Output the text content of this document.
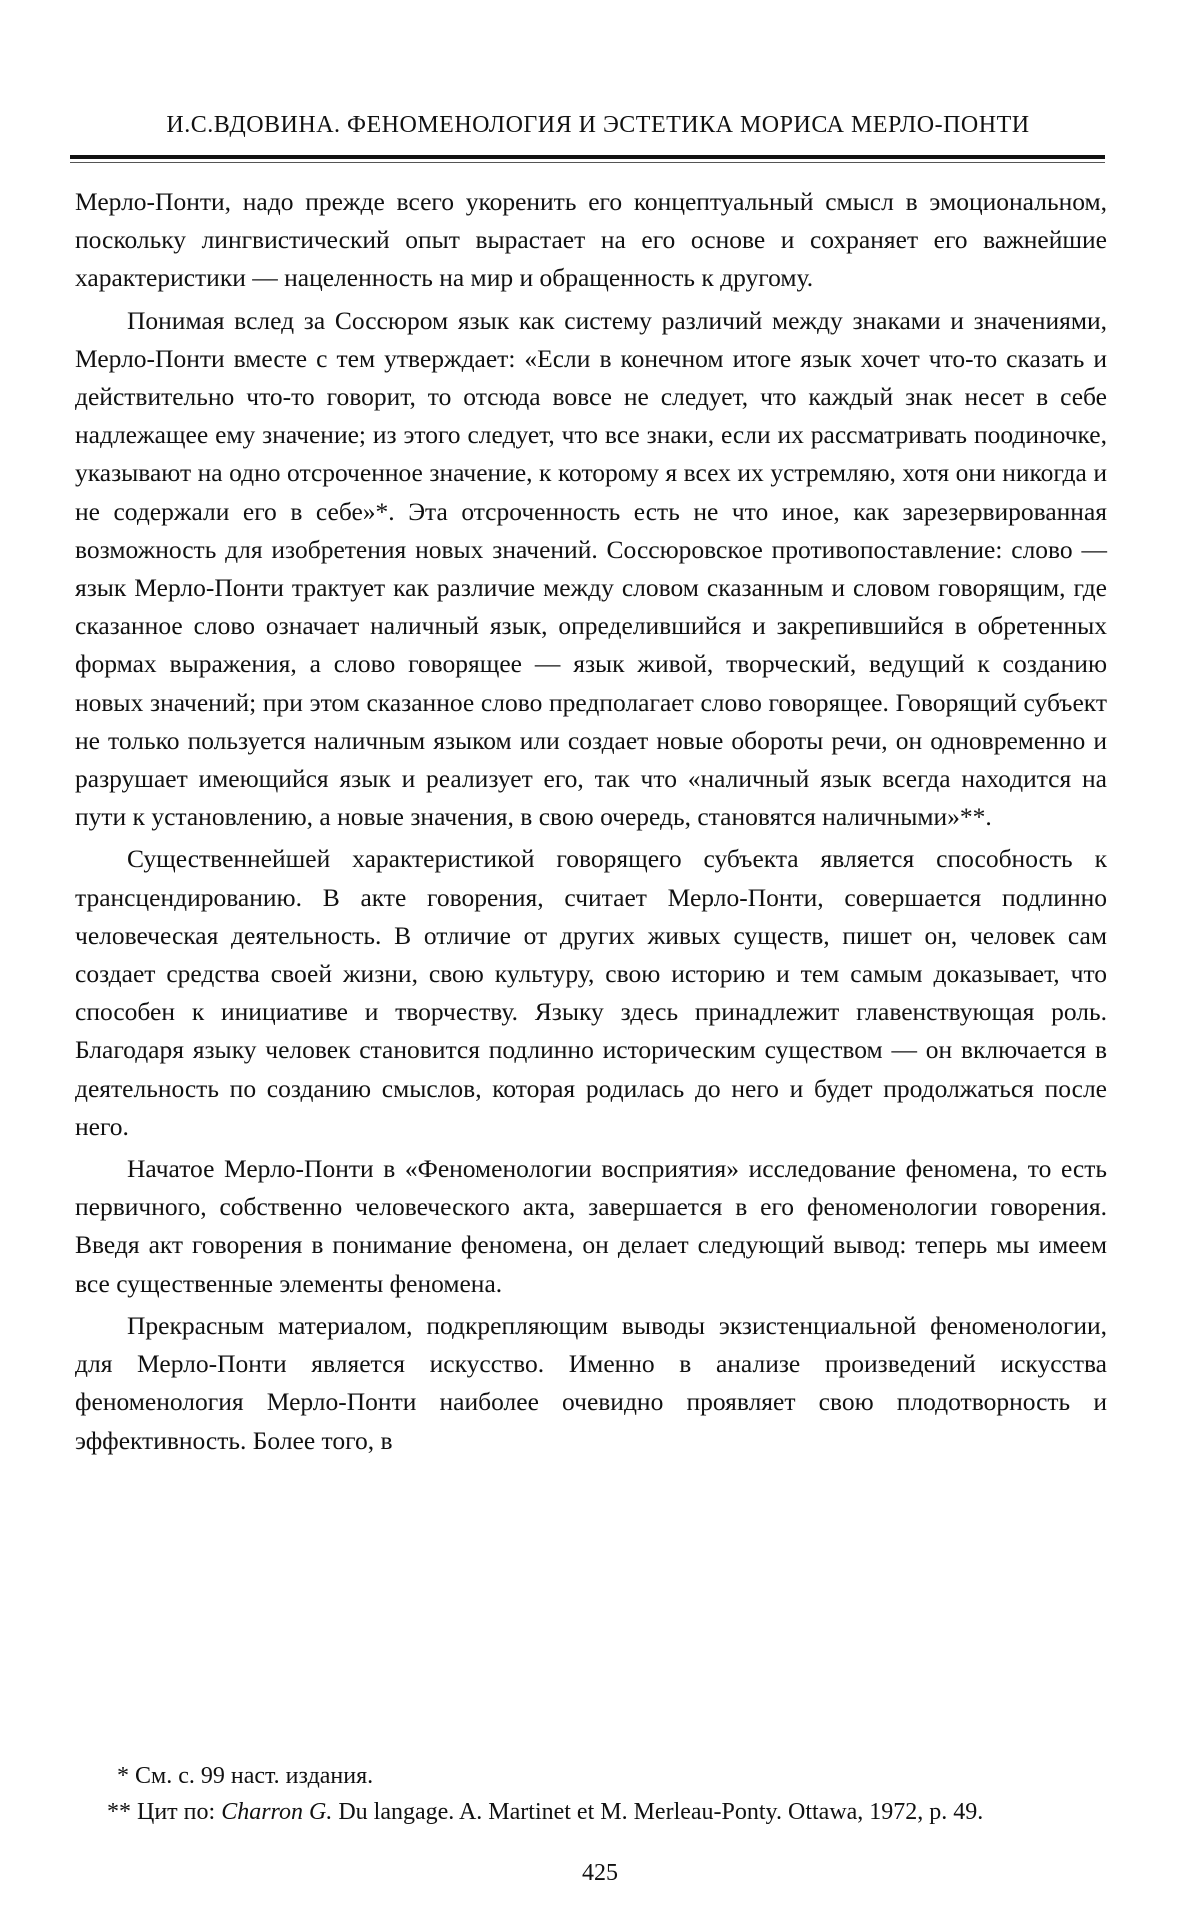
И.С.ВДОВИНА. ФЕНОМЕНОЛОГИЯ И ЭСТЕТИКА МОРИСА МЕРЛО-ПОНТИ

Мерло-Понти, надо прежде всего укоренить его концептуальный смысл в эмоциональном, поскольку лингвистический опыт вырастает на его основе и сохраняет его важнейшие характеристики — нацеленность на мир и обращенность к другому.

Понимая вслед за Соссюром язык как систему различий между знаками и значениями, Мерло-Понти вместе с тем утверждает: «Если в конечном итоге язык хочет что-то сказать и действительно что-то говорит, то отсюда вовсе не следует, что каждый знак несет в себе надлежащее ему значение; из этого следует, что все знаки, если их рассматривать поодиночке, указывают на одно отсроченное значение, к которому я всех их устремляю, хотя они никогда и не содержали его в себе»*. Эта отсроченность есть не что иное, как зарезервированная возможность для изобретения новых значений. Соссюровское противопоставление: слово — язык Мерло-Понти трактует как различие между словом сказанным и словом говорящим, где сказанное слово означает наличный язык, определившийся и закрепившийся в обретенных формах выражения, а слово говорящее — язык живой, творческий, ведущий к созданию новых значений; при этом сказанное слово предполагает слово говорящее. Говорящий субъект не только пользуется наличным языком или создает новые обороты речи, он одновременно и разрушает имеющийся язык и реализует его, так что «наличный язык всегда находится на пути к установлению, а новые значения, в свою очередь, становятся наличными»**.

Существеннейшей характеристикой говорящего субъекта является способность к трансцендированию. В акте говорения, считает Мерло-Понти, совершается подлинно человеческая деятельность. В отличие от других живых существ, пишет он, человек сам создает средства своей жизни, свою культуру, свою историю и тем самым доказывает, что способен к инициативе и творчеству. Языку здесь принадлежит главенствующая роль. Благодаря языку человек становится подлинно историческим существом — он включается в деятельность по созданию смыслов, которая родилась до него и будет продолжаться после него.

Начатое Мерло-Понти в «Феноменологии восприятия» исследование феномена, то есть первичного, собственно человеческого акта, завершается в его феноменологии говорения. Введя акт говорения в понимание феномена, он делает следующий вывод: теперь мы имеем все существенные элементы феномена.

Прекрасным материалом, подкрепляющим выводы экзистенциальной феноменологии, для Мерло-Понти является искусство. Именно в анализе произведений искусства феноменология Мерло-Понти наиболее очевидно проявляет свою плодотворность и эффективность. Более того, в

* См. с. 99 наст. издания.

** Цит по: Charron G. Du langage. A. Martinet et M. Merleau-Ponty. Ottawa, 1972, p. 49.

425
